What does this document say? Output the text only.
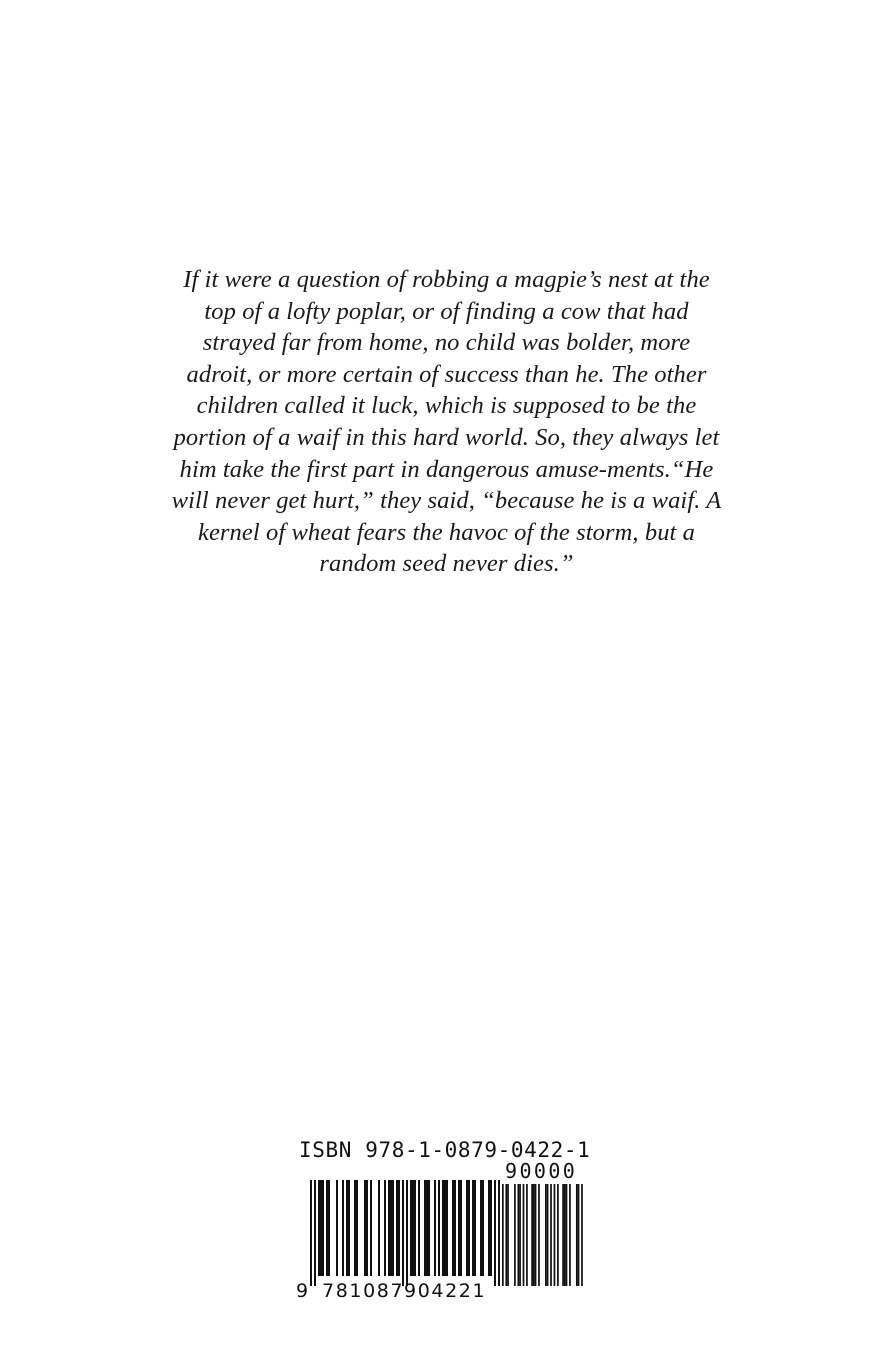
If it were a question of robbing a magpie’s nest at the
top of a lofty poplar, or of finding a cow that had
strayed far from home, no child was bolder, more
adroit, or more certain of success than he. The other
children called it luck, which is supposed to be the
portion of a waif in this hard world. So, they always let
him take the first part in dangerous amuse-ments.“He
will never get hurt,” they said, “because he is a waif. A
kernel of wheat fears the havoc of the storm, but a
random seed never dies.”
ISBN 978-1-0879-0422-1
90000
9 781087 904221
